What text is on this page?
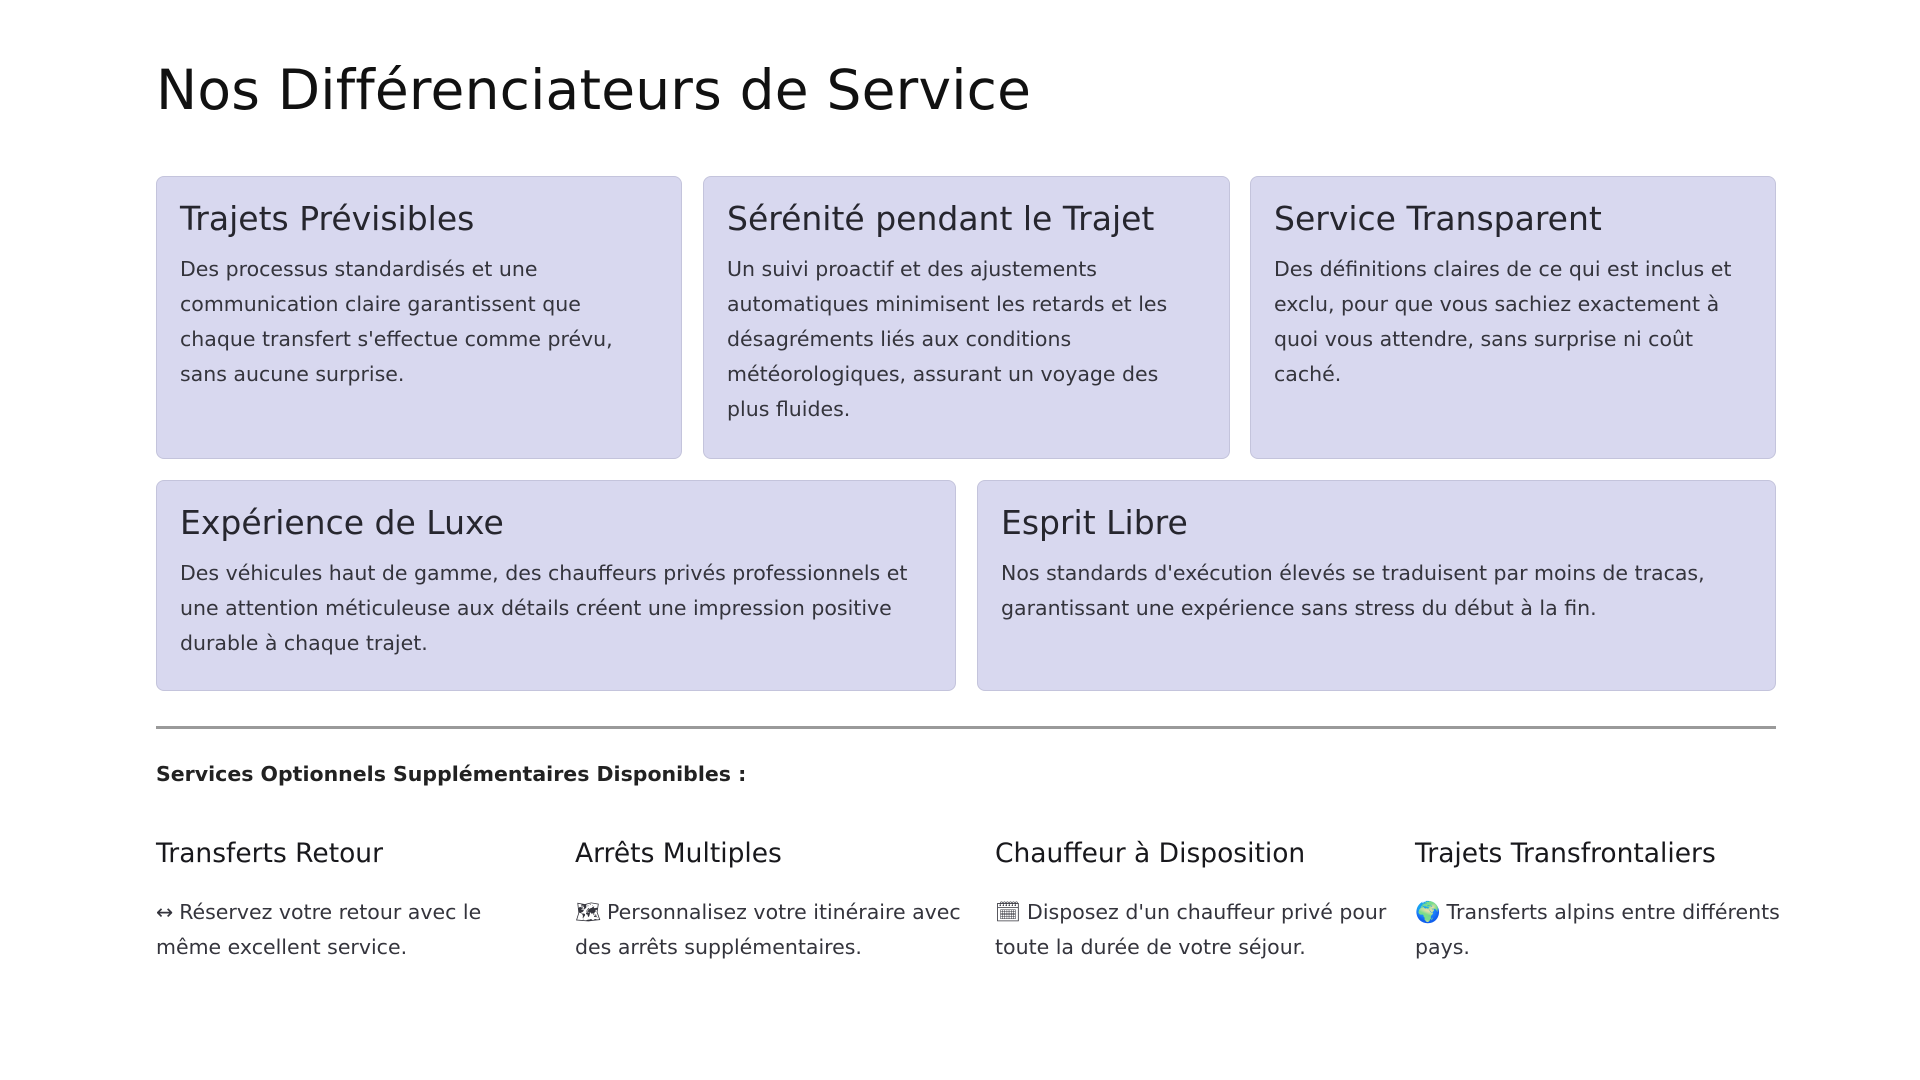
Nos Différenciateurs de Service
Trajets Prévisibles

Des processus standardisés et une communication claire garantissent que chaque transfert s'effectue comme prévu, sans aucune surprise.

Sérénité pendant le Trajet

Un suivi proactif et des ajustements automatiques minimisent les retards et les désagréments liés aux conditions météorologiques, assurant un voyage des plus fluides.

Service Transparent

Des définitions claires de ce qui est inclus et exclu, pour que vous sachiez exactement à quoi vous attendre, sans surprise ni coût caché.

Expérience de Luxe

Des véhicules haut de gamme, des chauffeurs privés professionnels et une attention méticuleuse aux détails créent une impression positive durable à chaque trajet.

Esprit Libre

Nos standards d'exécution élevés se traduisent par moins de tracas, garantissant une expérience sans stress du début à la fin.

Services Optionnels Supplémentaires Disponibles :
Transferts Retour

↔ Réservez votre retour avec le même excellent service.

Arrêts Multiples

🗺 Personnalisez votre itinéraire avec des arrêts supplémentaires.

Chauffeur à Disposition

🗓 Disposez d'un chauffeur privé pour toute la durée de votre séjour.

Trajets Transfrontaliers

🌍 Transferts alpins entre différents pays.
